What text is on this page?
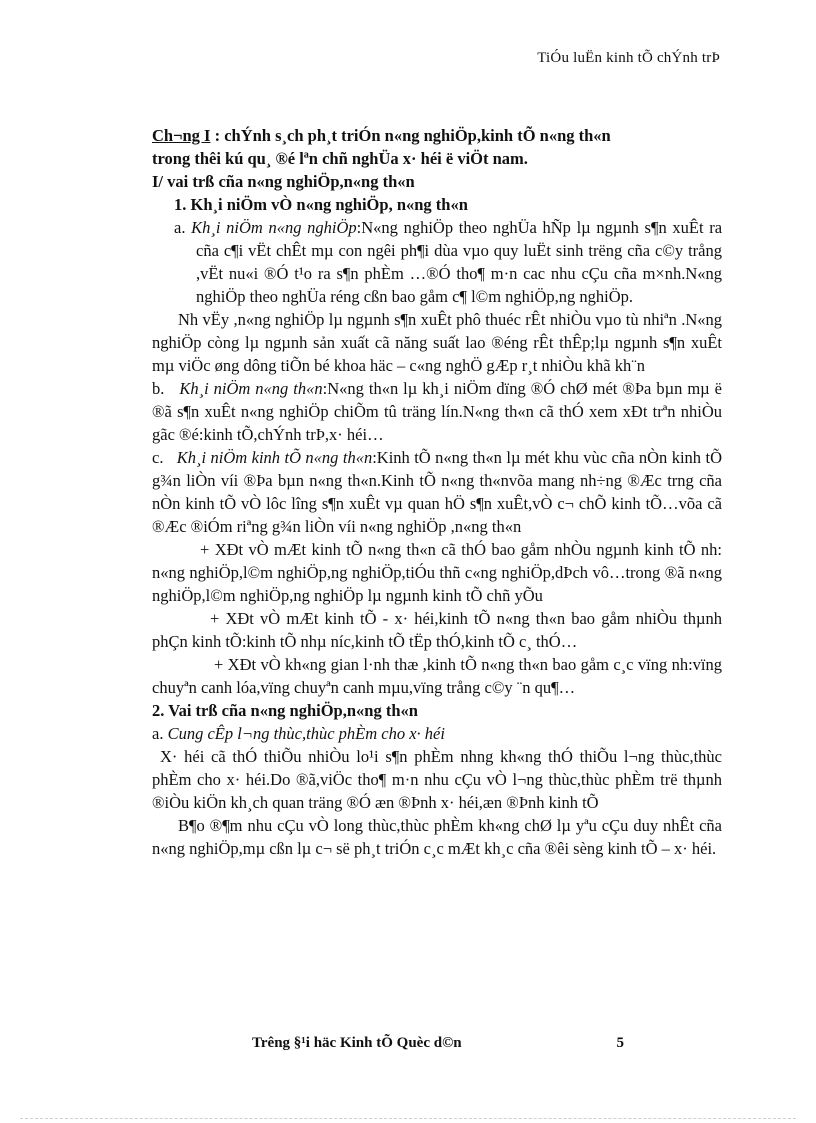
TiÓu luËn kinh tÕ chÝnh trÞ

Ch¬ng I : chÝnh s¸ch ph¸t triÓn n«ng nghiÖp,kinh tÕ n«ng th«n

trong thêi kú qu¸ ®é lªn chñ nghÜa x· héi ë viÖt nam.

I/ vai trß cña n«ng nghiÖp,n«ng th«n

1. Kh¸i niÖm vÒ n«ng nghiÖp, n«ng th«n

a. Kh¸i niÖm n«ng nghiÖp:N«ng nghiÖp theo nghÜa hÑp lµ ngµnh s¶n xuÊt ra cña c¶i vËt chÊt mµ con ngêi ph¶i dùa vµo quy luËt sinh trëng cña c©y trång ,vËt nu«i ®Ó t¹o ra s¶n phÈm …®Ó tho¶ m·n cac nhu cÇu cña m×nh.N«ng nghiÖp theo nghÜa réng cßn bao gåm c¶ l©m nghiÖp,ng nghiÖp.

Nh vËy ,n«ng nghiÖp lµ ngµnh s¶n xuÊt phô thuéc rÊt nhiÒu vµo tù nhiªn .N«ng nghiÖp còng lµ ngµnh sản xuất cã năng suất lao ®éng rÊt thÊp;lµ ngµnh s¶n xuÊt mµ viÖc øng dông tiÕn bé khoa häc – c«ng nghÖ gÆp r¸t nhiÒu khã kh¨n

b. Kh¸i niÖm n«ng th«n:N«ng th«n lµ kh¸i niÖm dïng ®Ó chØ mét ®Þa bµn mµ ë ®ã s¶n xuÊt n«ng nghiÖp chiÕm tû träng lín.N«ng th«n cã thÓ xem xÐt trªn nhiÒu gãc ®é:kinh tÕ,chÝnh trÞ,x· héi…

c. Kh¸i niÖm kinh tÕ n«ng th«n:Kinh tÕ n«ng th«n lµ mét khu vùc cña nÒn kinh tÕ g¾n liÒn víi ®Þa bµn n«ng th«n.Kinh tÕ n«ng th«nvõa mang nh÷ng ®Æc trng cña nÒn kinh tÕ vÒ lôc lîng s¶n xuÊt vµ quan hÖ s¶n xuÊt,vÒ c¬ chÕ kinh tÕ…võa cã ®Æc ®iÓm riªng g¾n liÒn víi n«ng nghiÖp ,n«ng th«n

+ XÐt vÒ mÆt kinh tÕ n«ng th«n cã thÓ bao gåm nhÒu ngµnh kinh tÕ nh: n«ng nghiÖp,l©m nghiÖp,ng nghiÖp,tiÓu thñ c«ng nghiÖp,dÞch vô…trong ®ã n«ng nghiÖp,l©m nghiÖp,ng nghiÖp lµ ngµnh kinh tÕ chñ yÕu

+ XÐt vÒ mÆt kinh tÕ - x· héi,kinh tÕ n«ng th«n bao gåm nhiÒu thµnh phÇn kinh tÕ:kinh tÕ nhµ níc,kinh tÕ tËp thÓ,kinh tÕ c¸ thÓ…

+ XÐt vÒ kh«ng gian l·nh thæ ,kinh tÕ n«ng th«n bao gåm c¸c vïng nh:vïng chuyªn canh lóa,vïng chuyªn canh mµu,vïng trång c©y ¨n qu¶…

2. Vai trß cña n«ng nghiÖp,n«ng th«n

a. Cung cÊp l¬ng thùc,thùc phÈm cho x· héi

X· héi cã thÓ thiÕu nhiÒu lo¹i s¶n phÈm nhng kh«ng thÓ thiÕu l¬ng thùc,thùc phÈm cho x· héi.Do ®ã,viÖc tho¶ m·n nhu cÇu vÒ l¬ng thùc,thùc phÈm trë thµnh ®iÒu kiÖn kh¸ch quan träng ®Ó æn ®Þnh x· héi,æn ®Þnh kinh tÕ

B¶o ®¶m nhu cÇu vÒ long thùc,thùc phÈm kh«ng chØ lµ yªu cÇu duy nhÊt cña n«ng nghiÖp,mµ cßn lµ c¬ së ph¸t triÓn c¸c mÆt kh¸c cña ®êi sèng kinh tÕ – x· héi.

Trêng §¹i häc Kinh tÕ Quèc d©n	5
